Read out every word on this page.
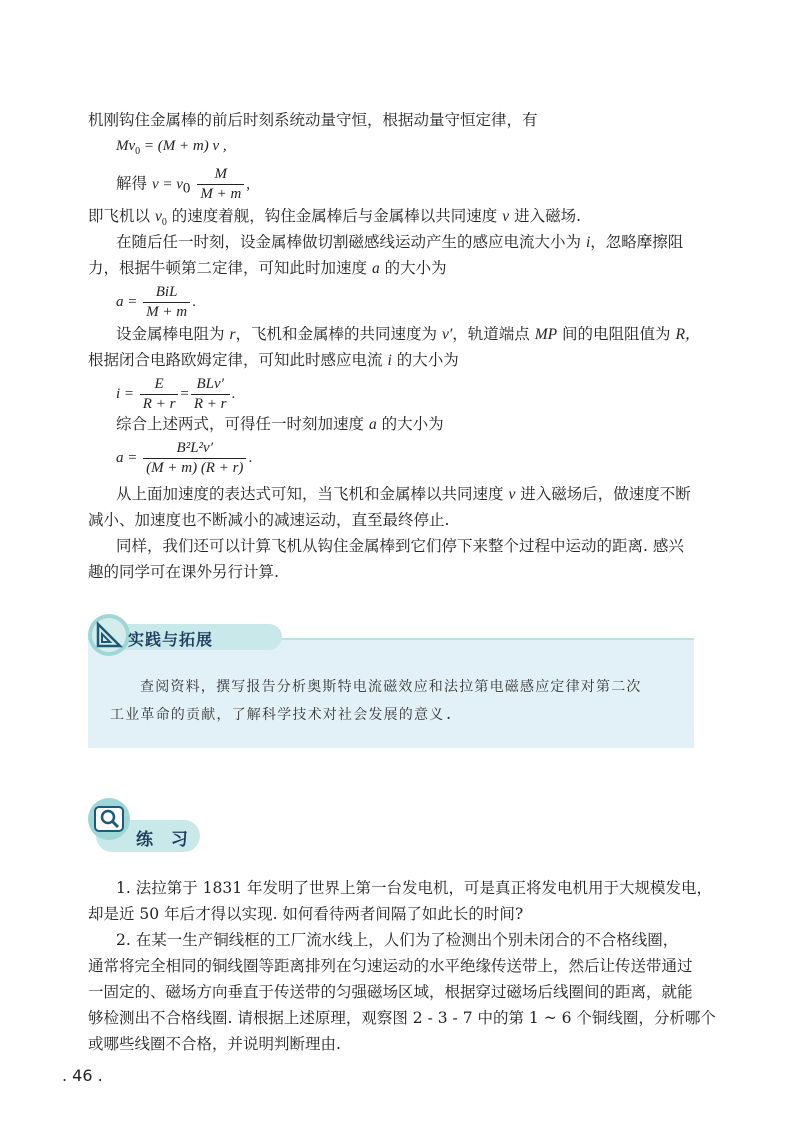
机刚钩住金属棒的前后时刻系统动量守恒，根据动量守恒定律，有
$Mv_0 = (M + m)$ v ,
解得 $v = v_0 \frac{M}{M + m}$ ,
即飞机以 $v_0$ 的速度着舰，钩住金属棒后与金属棒以共同速度 v 进入磁场.
在随后任一时刻，设金属棒做切割磁感线运动产生的感应电流大小为 i，忽略摩擦阻
力，根据牛顿第二定律，可知此时加速度 a 的大小为
$a = \frac{\text{BiL}}{M + m}$ .
设金属棒电阻为 r，飞机和金属棒的共同速度为 v′，轨道端点 MP 间的电阻阻值为 R，
根据闭合电路欧姆定律，可知此时感应电流 i 的大小为
$i = \frac{E}{R + r} = \frac{\text{BLv′}}{R + r}$ .
综合上述两式，可得任一时刻加速度 a 的大小为
$a = \frac{\text{B²L²v′}}{(M + m) (R + r)}$ .
从上面加速度的表达式可知，当飞机和金属棒以共同速度 v 进入磁场后，做速度不断
减小、加速度也不断减小的减速运动，直至最终停止.
同样，我们还可以计算飞机从钩住金属棒到它们停下来整个过程中运动的距离. 感兴
趣的同学可在课外另行计算.
实践与拓展
查阅资料，撰写报告分析奥斯特电流磁效应和法拉第电磁感应定律对第二次
工业革命的贡献，了解科学技术对社会发展的意义.
练 习
1. 法拉第于 1831 年发明了世界上第一台发电机，可是真正将发电机用于大规模发电，
却是近 50 年后才得以实现. 如何看待两者间隔了如此长的时间?
2. 在某一生产铜线框的工厂流水线上，人们为了检测出个别未闭合的不合格线圈，
通常将完全相同的铜线圈等距离排列在匀速运动的水平绝缘传送带上，然后让传送带通过
一固定的、磁场方向垂直于传送带的匀强磁场区域，根据穿过磁场后线圈间的距离，就能
够检测出不合格线圈. 请根据上述原理，观察图 2 - 3 - 7 中的第 1 ~ 6 个铜线圈，分析哪个
或哪些线圈不合格，并说明判断理由.
. 46 .
